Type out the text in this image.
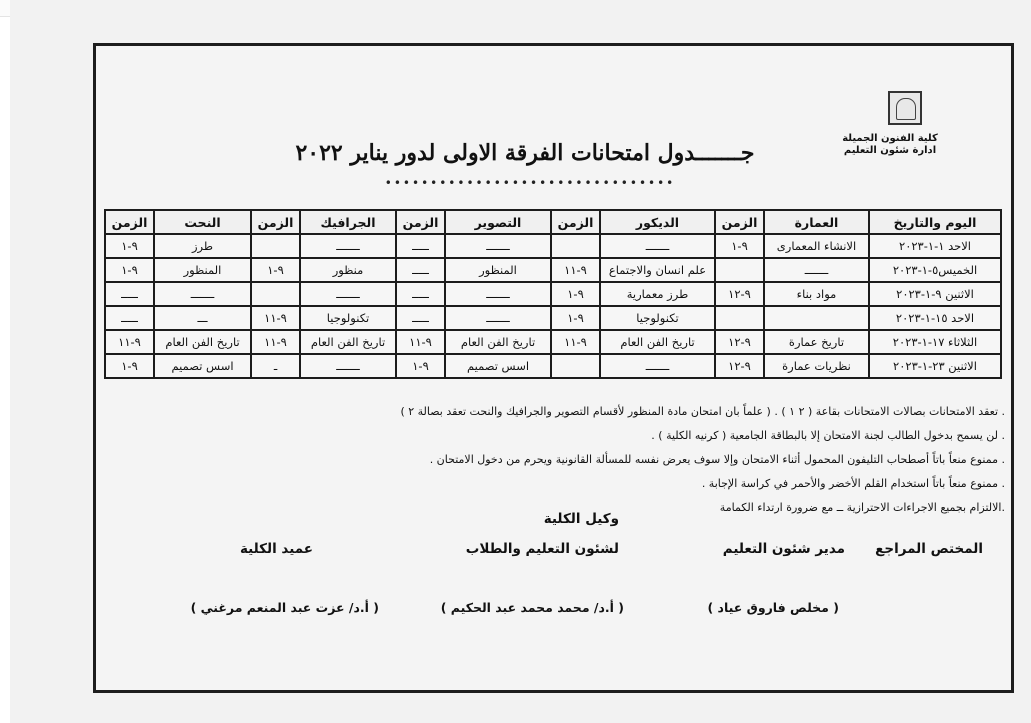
كلية الفنون الجميلة
ادارة شئون التعليم
جـــــــدول امتحانات الفرقة الاولى لدور يناير ٢٠٢٢
••••••••••••••••••••••••••••••••
اليوم والتاريخ	العمارة	الزمن	الديكور	الزمن	التصوير	الزمن	الجرافيك	الزمن	النحت	الزمن
الاحد ١-١-٢٠٢٣	الانشاء المعمارى	٩-١	ـــــــ		ـــــــ	ـــــ	ـــــــ		طرز	٩-١
الخميس٥-١-٢٠٢٣	ـــــــ		علم انسان والاجتماع	٩-١١	المنظور	ـــــ	منظور	٩-١	المنظور	٩-١
الاثنين ٩-١-٢٠٢٣	مواد بناء	٩-١٢	طرز معمارية	٩-١	ـــــــ	ـــــ	ـــــــ		ـــــــ	ـــــ
الاحد ١٥-١-٢٠٢٣			تكنولوجيا	٩-١	ـــــــ	ـــــ	تكنولوجيا	٩-١١	ـــ	ـــــ
الثلاثاء ١٧-١-٢٠٢٣	تاريخ عمارة	٩-١٢	تاريخ الفن العام	٩-١١	تاريخ الفن العام	٩-١١	تاريخ الفن العام	٩-١١	تاريخ الفن العام	٩-١١
الاثنين ٢٣-١-٢٠٢٣	نظريات عمارة	٩-١٢	ـــــــ		اسس تصميم	٩-١	ـــــــ	ـ	اسس تصميم	٩-١
. تعقد الامتحانات بصالات الامتحانات بقاعة ( ٢ ١ ) . ( علماً بان امتحان مادة المنظور لأقسام التصوير والجرافيك والنحت تعقد بصالة ٢ )
. لن يسمح بدخول الطالب لجنة الامتحان إلا بالبطاقة الجامعية ( كرنيه الكلية ) .
. ممنوع منعاً باتاً أصطحاب التليفون المحمول أثناء الامتحان وإلا سوف يعرض نفسه للمسألة القانونية ويحرم من دخول الامتحان .
. ممنوع منعاً باتاً استخدام القلم الأخضر والأحمر في كراسة الإجابة .
.الالتزام بجميع الاجراءات الاحترازية ــ مع ضرورة ارتداء الكمامة
المختص المراجع
مدير شئون التعليم
وكيل الكلية
لشئون التعليم والطلاب
عميد الكلية
( مخلص فاروق عياد )
( أ.د/ محمد محمد عبد الحكيم )
( أ.د/ عزت عبد المنعم مرغني )
